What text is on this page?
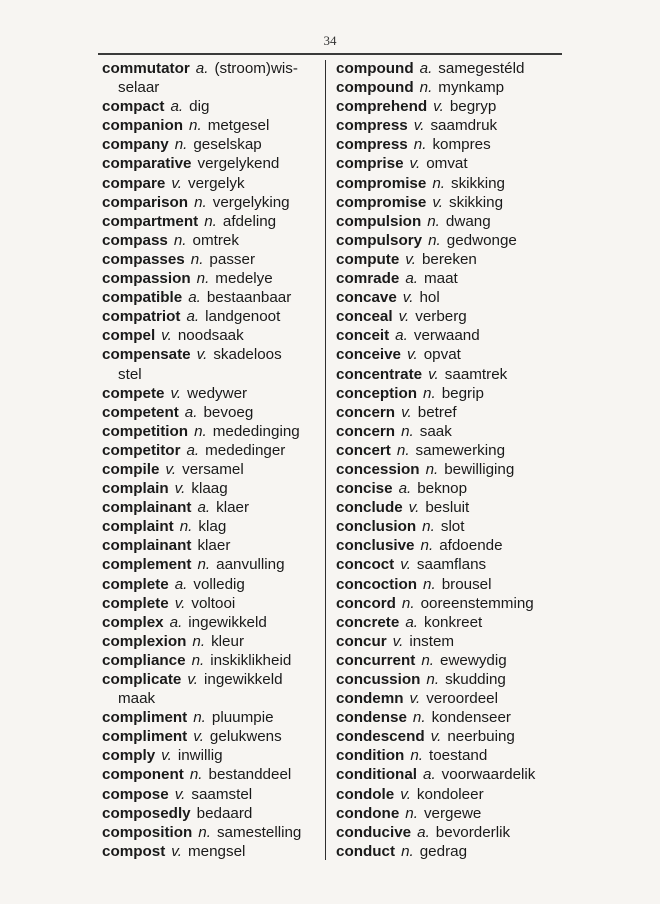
34
commutator a. (stroom)wis-
selaar
compact a. dig
companion n. metgesel
company n. geselskap
comparative vergelykend
compare v. vergelyk
comparison n. vergelyking
compartment n. afdeling
compass n. omtrek
compasses n. passer
compassion n. medelye
compatible a. bestaanbaar
compatriot a. landgenoot
compel v. noodsaak
compensate v. skadeloos
stel
compete v. wedywer
competent a. bevoeg
competition n. mededinging
competitor a. mededinger
compile v. versamel
complain v. klaag
complainant a. klaer
complaint n. klag
complainant klaer
complement n. aanvulling
complete a. volledig
complete v. voltooi
complex a. ingewikkeld
complexion n. kleur
compliance n. inskiklikheid
complicate v. ingewikkeld
maak
compliment n. pluumpie
compliment v. gelukwens
comply v. inwillig
component n. bestanddeel
compose v. saamstel
composedly bedaard
composition n. samestelling
compost v. mengsel
compound a. samegestéld
compound n. mynkamp
comprehend v. begryp
compress v. saamdruk
compress n. kompres
comprise v. omvat
compromise n. skikking
compromise v. skikking
compulsion n. dwang
compulsory n. gedwonge
compute v. bereken
comrade a. maat
concave v. hol
conceal v. verberg
conceit a. verwaand
conceive v. opvat
concentrate v. saamtrek
conception n. begrip
concern v. betref
concern n. saak
concert n. samewerking
concession n. bewilliging
concise a. beknop
conclude v. besluit
conclusion n. slot
conclusive n. afdoende
concoct v. saamflans
concoction n. brousel
concord n. ooreenstemming
concrete a. konkreet
concur v. instem
concurrent n. ewewydig
concussion n. skudding
condemn v. veroordeel
condense n. kondenseer
condescend v. neerbuing
condition n. toestand
conditional a. voorwaardelik
condole v. kondoleer
condone n. vergewe
conducive a. bevorderlik
conduct n. gedrag
